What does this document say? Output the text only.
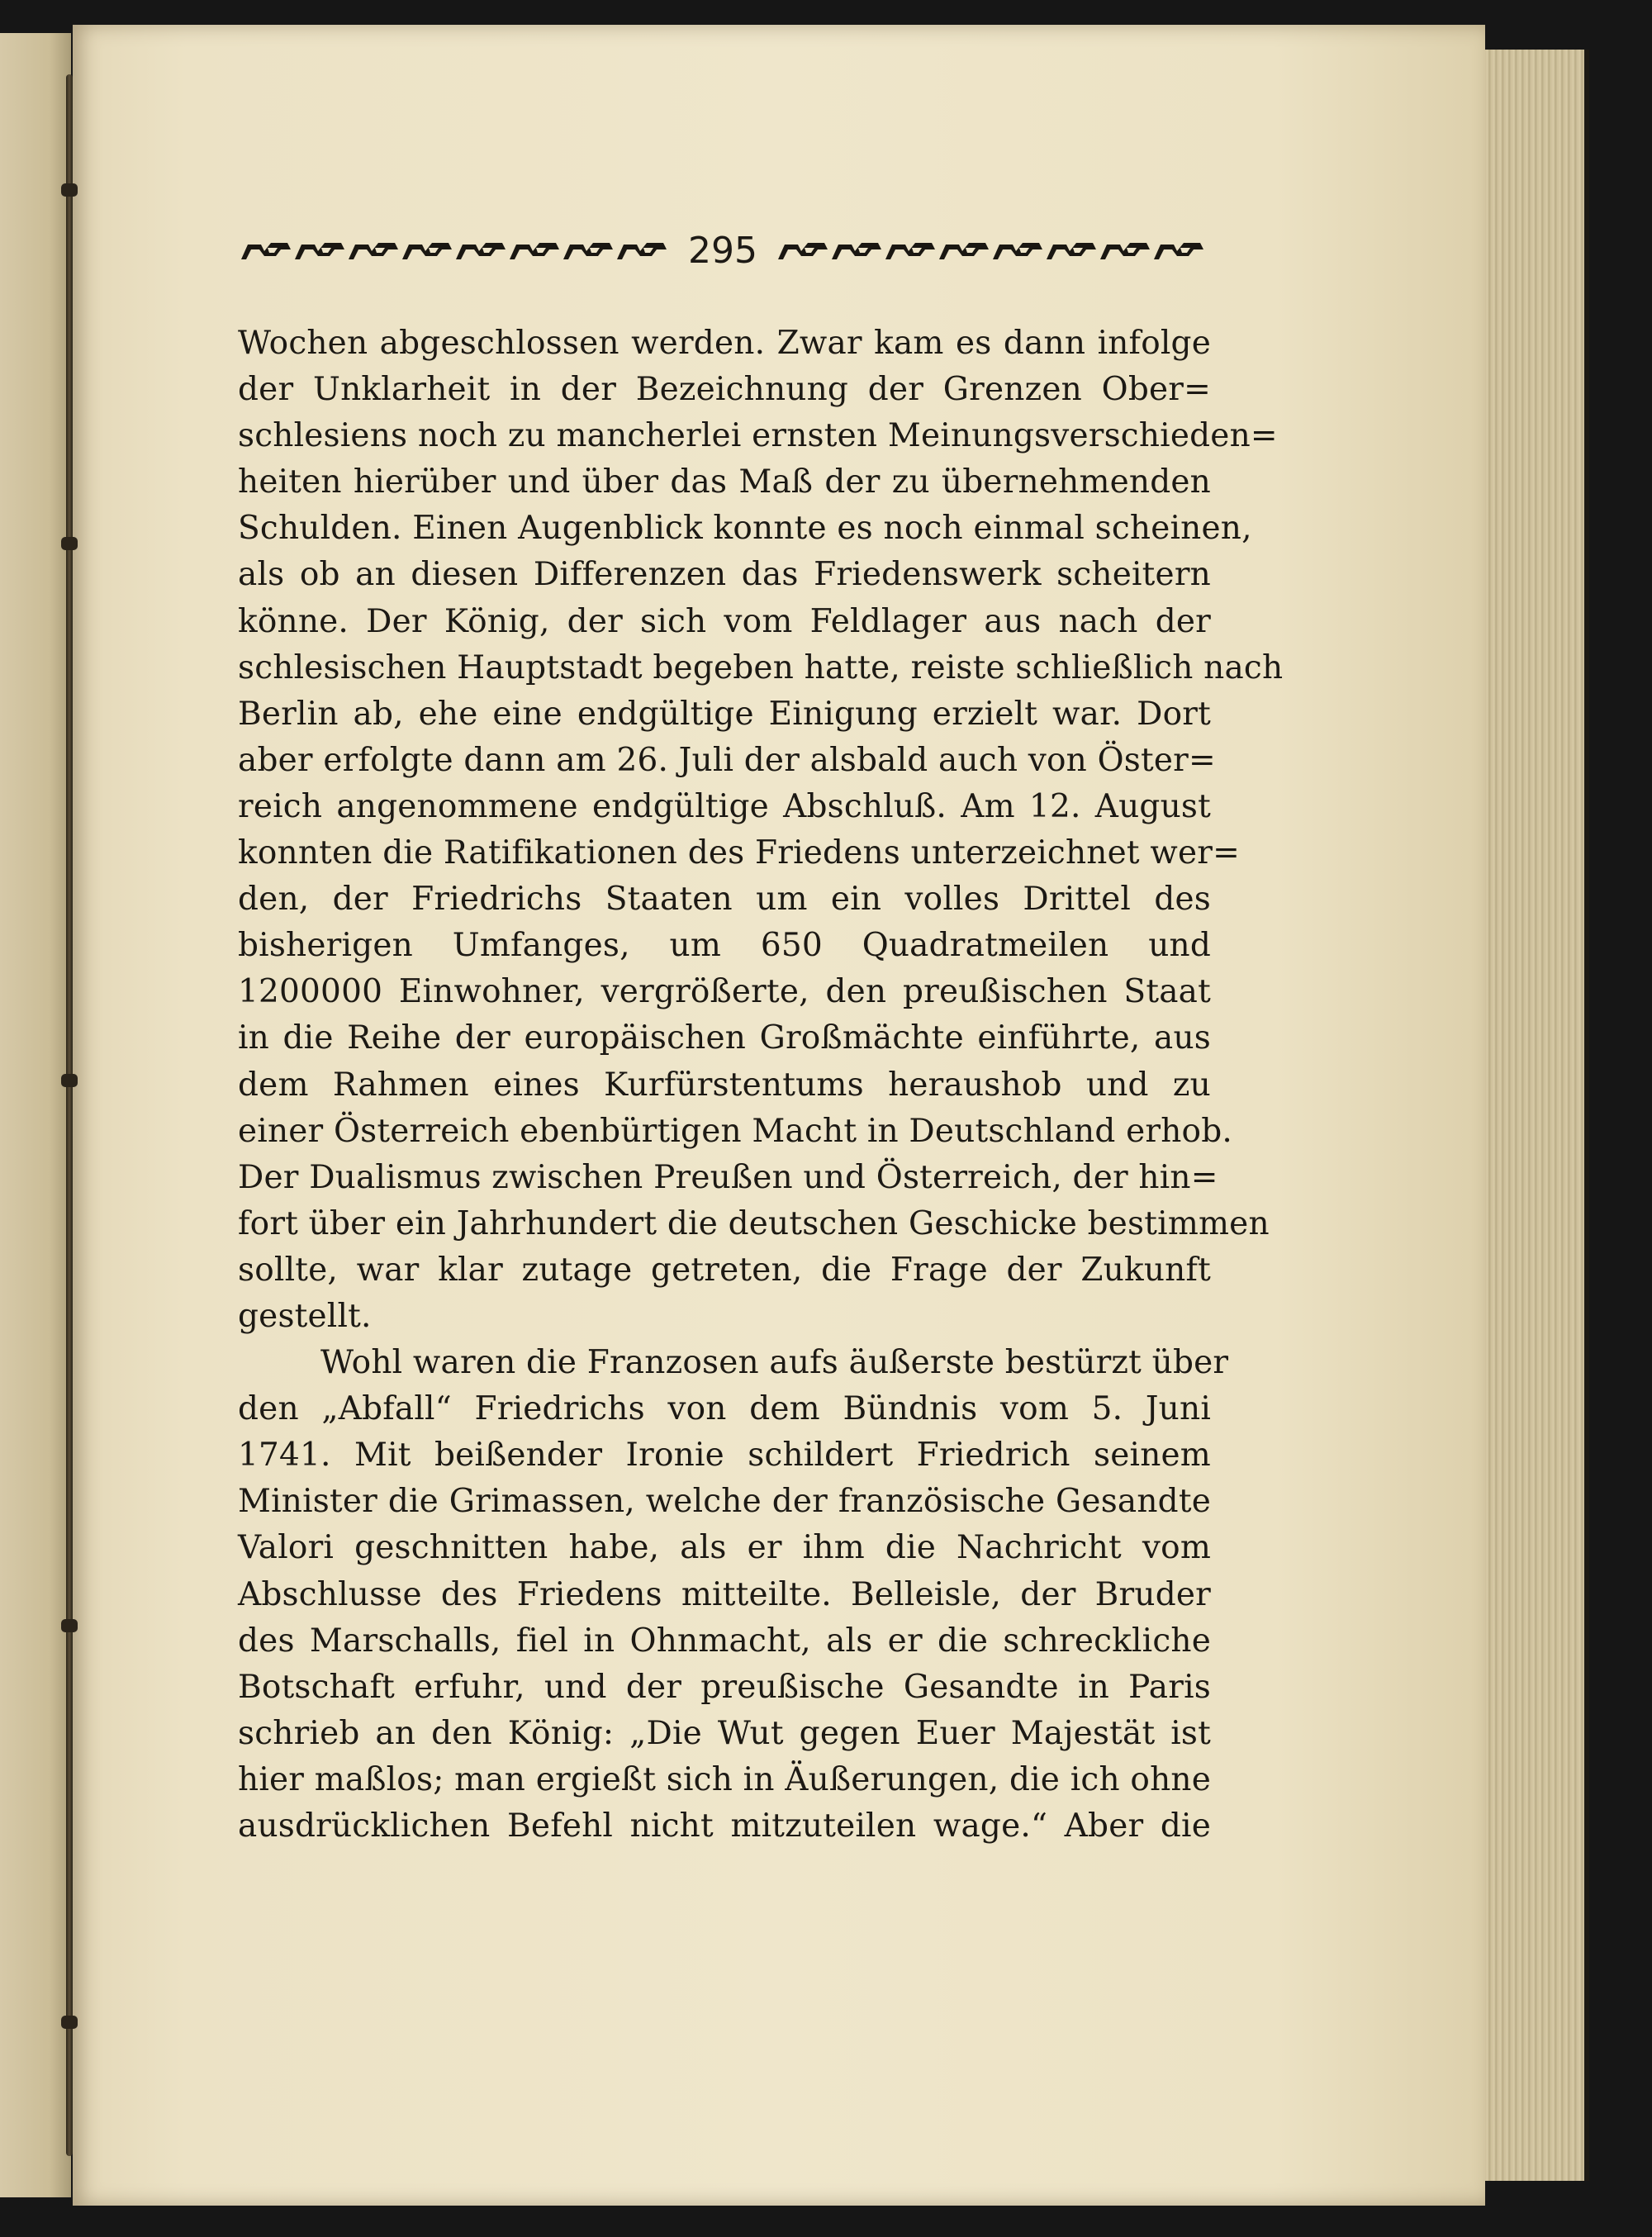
295
Wochen abgeschlossen werden. Zwar kam es dann infolge
der Unklarheit in der Bezeichnung der Grenzen Ober=
schlesiens noch zu mancherlei ernsten Meinungsverschieden=
heiten hierüber und über das Maß der zu übernehmenden
Schulden. Einen Augenblick konnte es noch einmal scheinen,
als ob an diesen Differenzen das Friedenswerk scheitern
könne. Der König, der sich vom Feldlager aus nach der
schlesischen Hauptstadt begeben hatte, reiste schließlich nach
Berlin ab, ehe eine endgültige Einigung erzielt war. Dort
aber erfolgte dann am 26. Juli der alsbald auch von Öster=
reich angenommene endgültige Abschluß. Am 12. August
konnten die Ratifikationen des Friedens unterzeichnet wer=
den, der Friedrichs Staaten um ein volles Drittel des
bisherigen Umfanges, um 650 Quadratmeilen und
1200000 Einwohner, vergrößerte, den preußischen Staat
in die Reihe der europäischen Großmächte einführte, aus
dem Rahmen eines Kurfürstentums heraushob und zu
einer Österreich ebenbürtigen Macht in Deutschland erhob.
Der Dualismus zwischen Preußen und Österreich, der hin=
fort über ein Jahrhundert die deutschen Geschicke bestimmen
sollte, war klar zutage getreten, die Frage der Zukunft
gestellt.
Wohl waren die Franzosen aufs äußerste bestürzt über
den „Abfall“ Friedrichs von dem Bündnis vom 5. Juni
1741. Mit beißender Ironie schildert Friedrich seinem
Minister die Grimassen, welche der französische Gesandte
Valori geschnitten habe, als er ihm die Nachricht vom
Abschlusse des Friedens mitteilte. Belleisle, der Bruder
des Marschalls, fiel in Ohnmacht, als er die schreckliche
Botschaft erfuhr, und der preußische Gesandte in Paris
schrieb an den König: „Die Wut gegen Euer Majestät ist
hier maßlos; man ergießt sich in Äußerungen, die ich ohne
ausdrücklichen Befehl nicht mitzuteilen wage.“ Aber die
